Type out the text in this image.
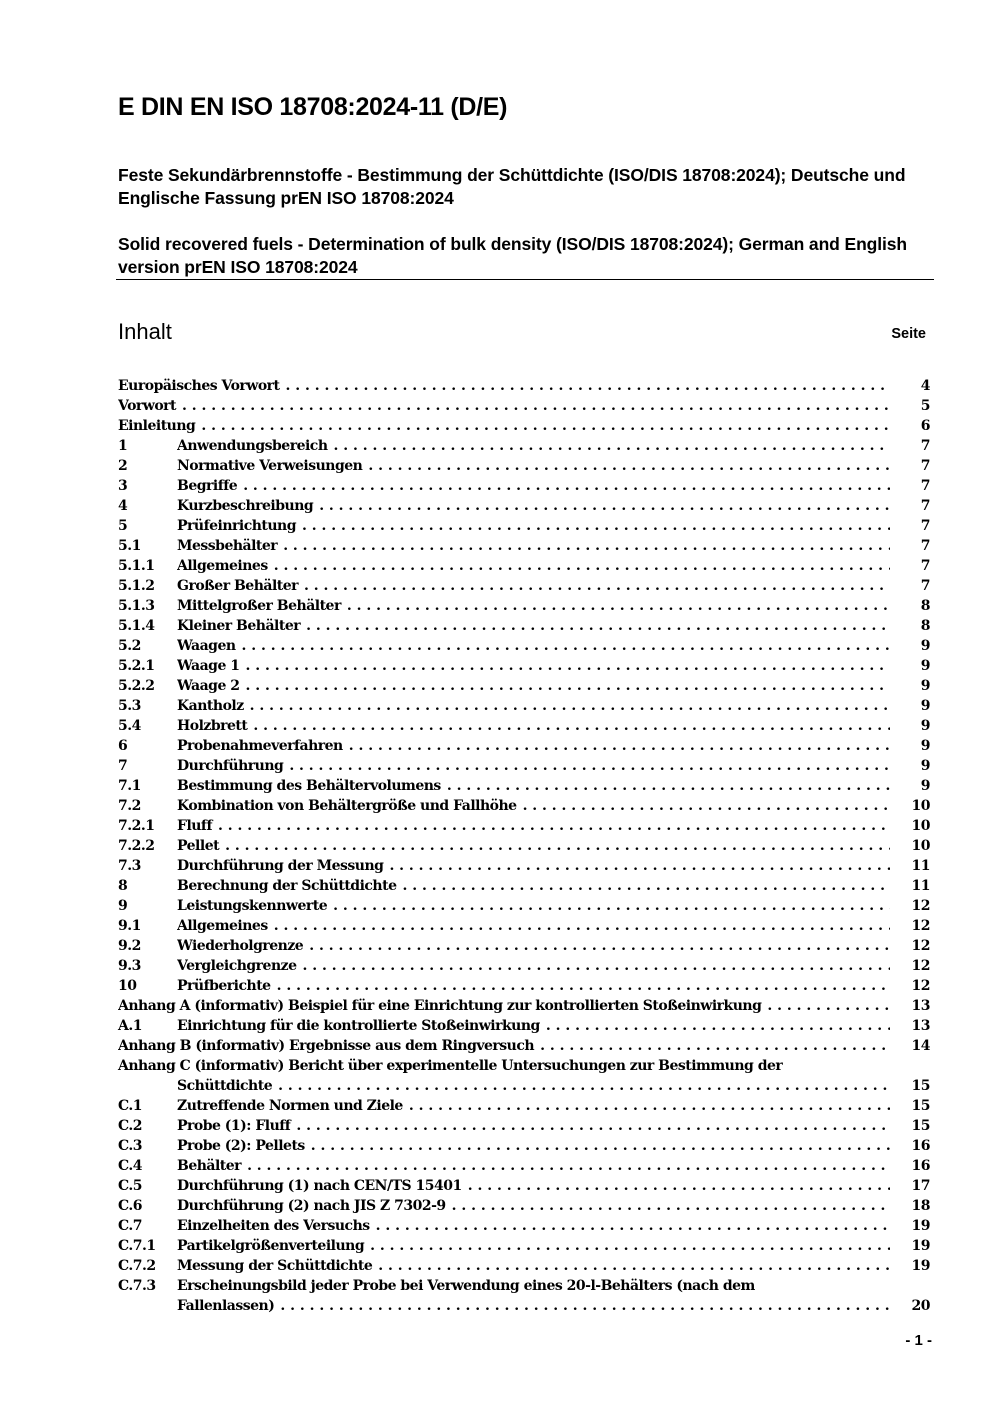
E DIN EN ISO 18708:2024-11 (D/E)
Feste Sekundärbrennstoffe - Bestimmung der Schüttdichte (ISO/DIS 18708:2024); Deutsche und Englische Fassung prEN ISO 18708:2024
Solid recovered fuels - Determination of bulk density (ISO/DIS 18708:2024); German and English version prEN ISO 18708:2024
Inhalt	Seite
Europäisches Vorwort . . .	4
Vorwort . . .	5
Einleitung . . .	6
1	Anwendungsbereich . . .	7
2	Normative Verweisungen . . .	7
3	Begriffe . . .	7
4	Kurzbeschreibung . . .	7
5	Prüfeinrichtung . . .	7
5.1	Messbehälter . . .	7
5.1.1 Allgemeines . . .	7
5.1.2 Großer Behälter . . .	7
5.1.3 Mittelgroßer Behälter . . .	8
5.1.4 Kleiner Behälter . . .	8
5.2	Waagen . . .	9
5.2.1 Waage 1 . . .	9
5.2.2 Waage 2 . . .	9
5.3	Kantholz . . .	9
5.4	Holzbrett . . .	9
6	Probenahmeverfahren . . .	9
7	Durchführung . . .	9
7.1	Bestimmung des Behältervolumens . . .	9
7.2	Kombination von Behältergröße und Fallhöhe . . .	10
7.2.1 Fluff . . .	10
7.2.2 Pellet . . .	10
7.3	Durchführung der Messung . . .	11
8	Berechnung der Schüttdichte . . .	11
9	Leistungskennwerte . . .	12
9.1	Allgemeines . . .	12
9.2	Wiederholgrenze . . .	12
9.3	Vergleichgrenze . . .	12
10	Prüfberichte . . .	12
Anhang A (informativ) Beispiel für eine Einrichtung zur kontrollierten Stoßeinwirkung . . .	13
A.1	Einrichtung für die kontrollierte Stoßeinwirkung . . .	13
Anhang B (informativ) Ergebnisse aus dem Ringversuch . . .	14
Anhang C (informativ) Bericht über experimentelle Untersuchungen zur Bestimmung der
Schüttdichte . . .	15
C.1 Zutreffende Normen und Ziele . . .	15
C.2 Probe (1): Fluff . . .	15
C.3 Probe (2): Pellets . . .	16
C.4 Behälter . . .	16
C.5 Durchführung (1) nach CEN/TS 15401 . . .	17
C.6 Durchführung (2) nach JIS Z 7302-9 . . .	18
C.7 Einzelheiten des Versuchs . . .	19
C.7.1 Partikelgrößenverteilung . . .	19
C.7.2 Messung der Schüttdichte . . .	19
C.7.3 Erscheinungsbild jeder Probe bei Verwendung eines 20-l-Behälters (nach dem
Fallenlassen) . . .	20
- 1 -
